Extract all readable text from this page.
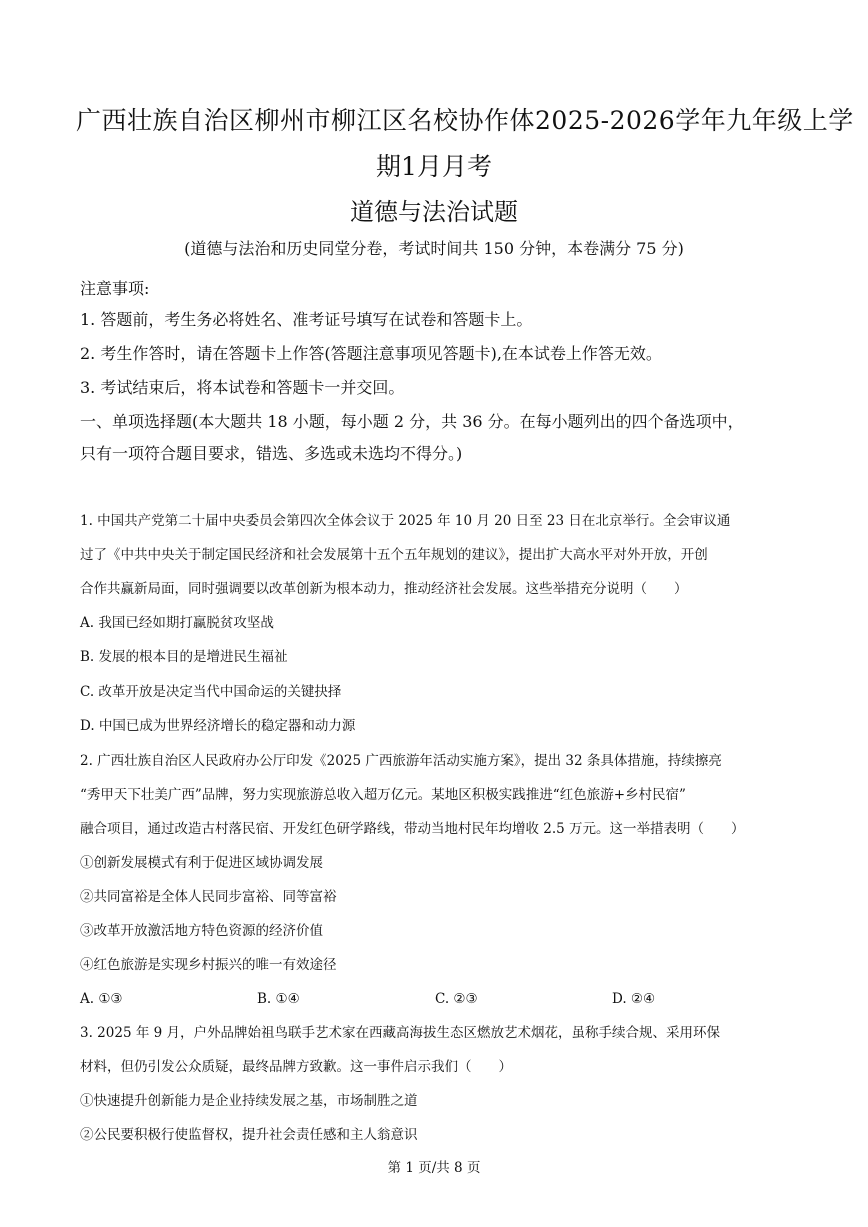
广西壮族自治区柳州市柳江区名校协作体2025-2026学年九年级上学
期1月月考
道德与法治试题
(道德与法治和历史同堂分卷，考试时间共 150 分钟，本卷满分 75 分)
注意事项:
1. 答题前，考生务必将姓名、准考证号填写在试卷和答题卡上。
2. 考生作答时，请在答题卡上作答(答题注意事项见答题卡),在本试卷上作答无效。
3. 考试结束后，将本试卷和答题卡一并交回。
一、单项选择题(本大题共 18 小题，每小题 2 分，共 36 分。在每小题列出的四个备选项中，
只有一项符合题目要求，错选、多选或未选均不得分。)
1. 中国共产党第二十届中央委员会第四次全体会议于 2025 年 10 月 20 日至 23 日在北京举行。全会审议通
过了《中共中央关于制定国民经济和社会发展第十五个五年规划的建议》，提出扩大高水平对外开放，开创
合作共赢新局面，同时强调要以改革创新为根本动力，推动经济社会发展。这些举措充分说明（　　）
A. 我国已经如期打赢脱贫攻坚战
B. 发展的根本目的是增进民生福祉
C. 改革开放是决定当代中国命运的关键抉择
D. 中国已成为世界经济增长的稳定器和动力源
2. 广西壮族自治区人民政府办公厅印发《2025 广西旅游年活动实施方案》，提出 32 条具体措施，持续擦亮
“秀甲天下壮美广西”品牌，努力实现旅游总收入超万亿元。某地区积极实践推进“红色旅游+乡村民宿”
融合项目，通过改造古村落民宿、开发红色研学路线，带动当地村民年均增收 2.5 万元。这一举措表明（　　）
①创新发展模式有利于促进区域协调发展
②共同富裕是全体人民同步富裕、同等富裕
③改革开放激活地方特色资源的经济价值
④红色旅游是实现乡村振兴的唯一有效途径
A. ①③	B. ①④	C. ②③	D. ②④
3. 2025 年 9 月，户外品牌始祖鸟联手艺术家在西藏高海拔生态区燃放艺术烟花，虽称手续合规、采用环保
材料，但仍引发公众质疑，最终品牌方致歉。这一事件启示我们（　　）
①快速提升创新能力是企业持续发展之基，市场制胜之道
②公民要积极行使监督权，提升社会责任感和主人翁意识
第 1 页/共 8 页
